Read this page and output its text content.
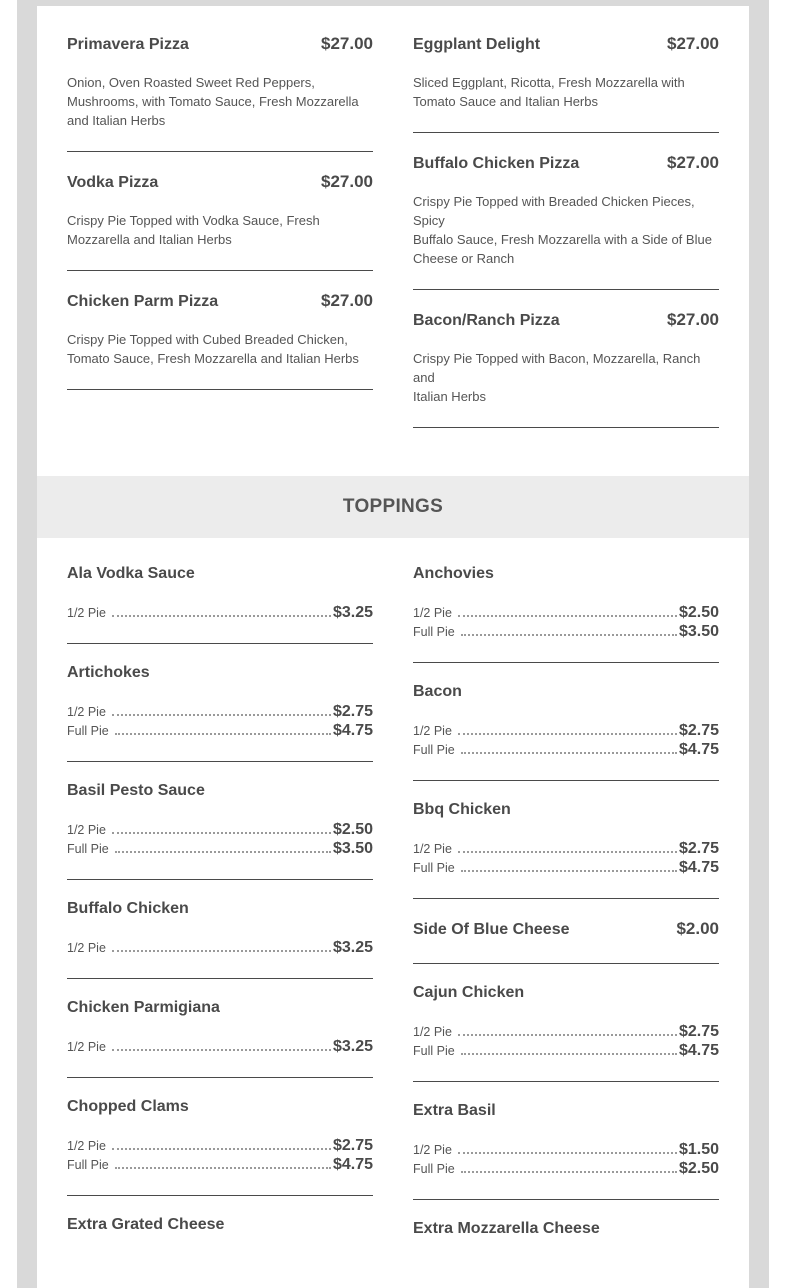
Primavera Pizza	$27.00

Onion, Oven Roasted Sweet Red Peppers,

Mushrooms, with Tomato Sauce, Fresh Mozzarella

and Italian Herbs

Vodka Pizza	$27.00

Crispy Pie Topped with Vodka Sauce, Fresh

Mozzarella and Italian Herbs

Chicken Parm Pizza	$27.00

Crispy Pie Topped with Cubed Breaded Chicken,

Tomato Sauce, Fresh Mozzarella and Italian Herbs

Eggplant Delight	$27.00

Sliced Eggplant, Ricotta, Fresh Mozzarella with

Tomato Sauce and Italian Herbs

Buffalo Chicken Pizza	$27.00

Crispy Pie Topped with Breaded Chicken Pieces, Spicy

Buffalo Sauce, Fresh Mozzarella with a Side of Blue

Cheese or Ranch

Bacon/Ranch Pizza	$27.00

Crispy Pie Topped with Bacon, Mozzarella, Ranch and

Italian Herbs

TOPPINGS
Ala Vodka Sauce
1/2 Pie	$3.25
Artichokes
1/2 Pie	$2.75
Full Pie	$4.75
Basil Pesto Sauce
1/2 Pie	$2.50
Full Pie	$3.50
Buffalo Chicken
1/2 Pie	$3.25
Chicken Parmigiana
1/2 Pie	$3.25
Chopped Clams
1/2 Pie	$2.75
Full Pie	$4.75
Extra Grated Cheese
Anchovies
1/2 Pie	$2.50
Full Pie	$3.50
Bacon
1/2 Pie	$2.75
Full Pie	$4.75
Bbq Chicken
1/2 Pie	$2.75
Full Pie	$4.75
Side Of Blue Cheese	$2.00
Cajun Chicken
1/2 Pie	$2.75
Full Pie	$4.75
Extra Basil
1/2 Pie	$1.50
Full Pie	$2.50
Extra Mozzarella Cheese
